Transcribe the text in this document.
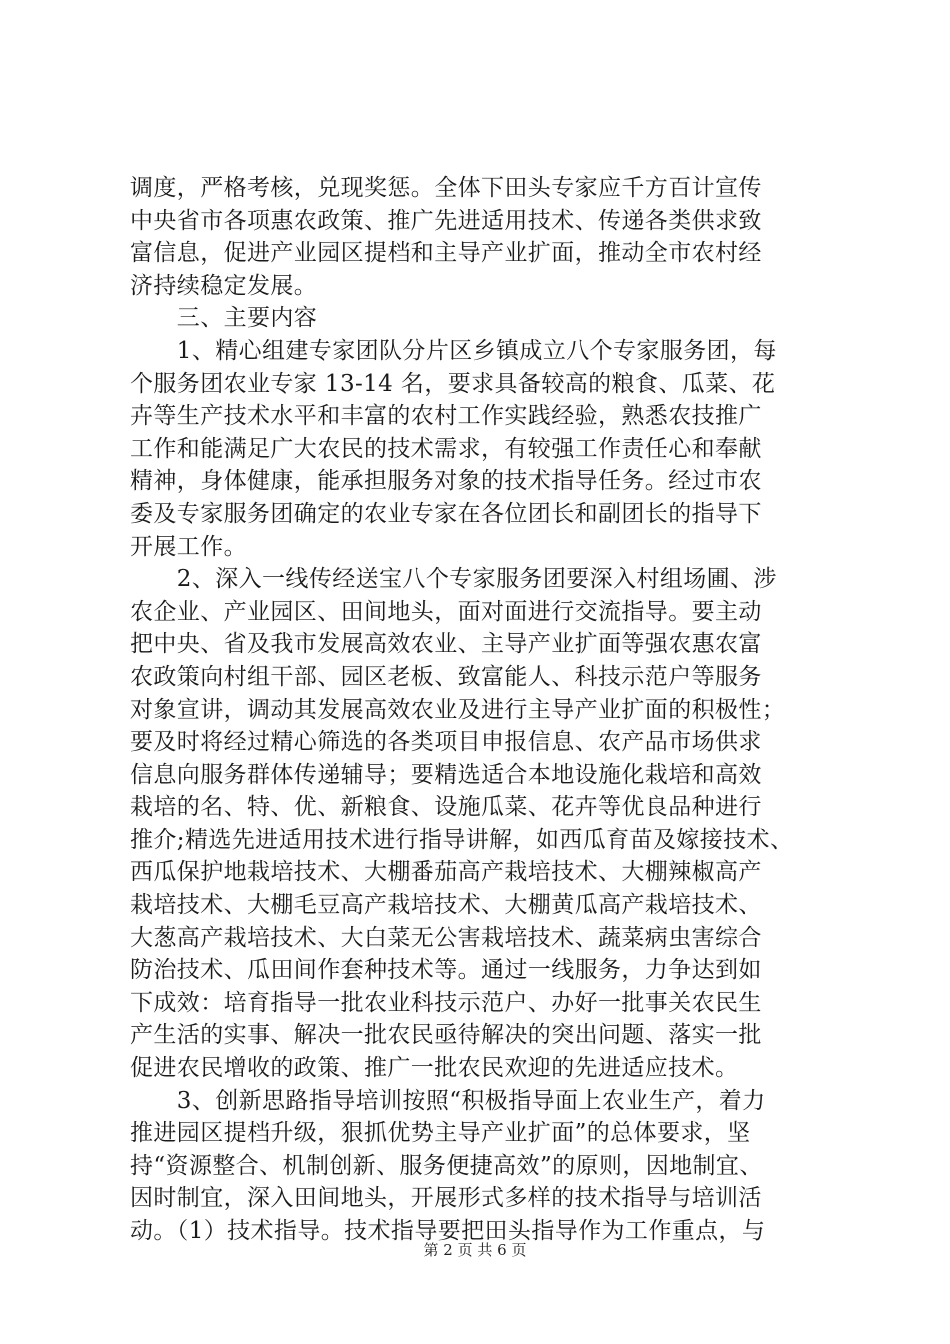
调度，严格考核，兑现奖惩。全体下田头专家应千方百计宣传
中央省市各项惠农政策、推广先进适用技术、传递各类供求致
富信息，促进产业园区提档和主导产业扩面，推动全市农村经
济持续稳定发展。
　　三、主要内容
　　1、精心组建专家团队分片区乡镇成立八个专家服务团，每
个服务团农业专家 13-14 名，要求具备较高的粮食、瓜菜、花
卉等生产技术水平和丰富的农村工作实践经验，熟悉农技推广
工作和能满足广大农民的技术需求，有较强工作责任心和奉献
精神，身体健康，能承担服务对象的技术指导任务。经过市农
委及专家服务团确定的农业专家在各位团长和副团长的指导下
开展工作。
　　2、深入一线传经送宝八个专家服务团要深入村组场圃、涉
农企业、产业园区、田间地头，面对面进行交流指导。要主动
把中央、省及我市发展高效农业、主导产业扩面等强农惠农富
农政策向村组干部、园区老板、致富能人、科技示范户等服务
对象宣讲，调动其发展高效农业及进行主导产业扩面的积极性；
要及时将经过精心筛选的各类项目申报信息、农产品市场供求
信息向服务群体传递辅导；要精选适合本地设施化栽培和高效
栽培的名、特、优、新粮食、设施瓜菜、花卉等优良品种进行
推介;精选先进适用技术进行指导讲解，如西瓜育苗及嫁接技术、
西瓜保护地栽培技术、大棚番茄高产栽培技术、大棚辣椒高产
栽培技术、大棚毛豆高产栽培技术、大棚黄瓜高产栽培技术、
大葱高产栽培技术、大白菜无公害栽培技术、蔬菜病虫害综合
防治技术、瓜田间作套种技术等。通过一线服务，力争达到如
下成效：培育指导一批农业科技示范户、办好一批事关农民生
产生活的实事、解决一批农民亟待解决的突出问题、落实一批
促进农民增收的政策、推广一批农民欢迎的先进适应技术。
　　3、创新思路指导培训按照“积极指导面上农业生产，着力
推进园区提档升级，狠抓优势主导产业扩面”的总体要求，坚
持“资源整合、机制创新、服务便捷高效”的原则，因地制宜、
因时制宜，深入田间地头，开展形式多样的技术指导与培训活
动。（1）技术指导。技术指导要把田头指导作为工作重点，与
第 2 页 共 6 页
